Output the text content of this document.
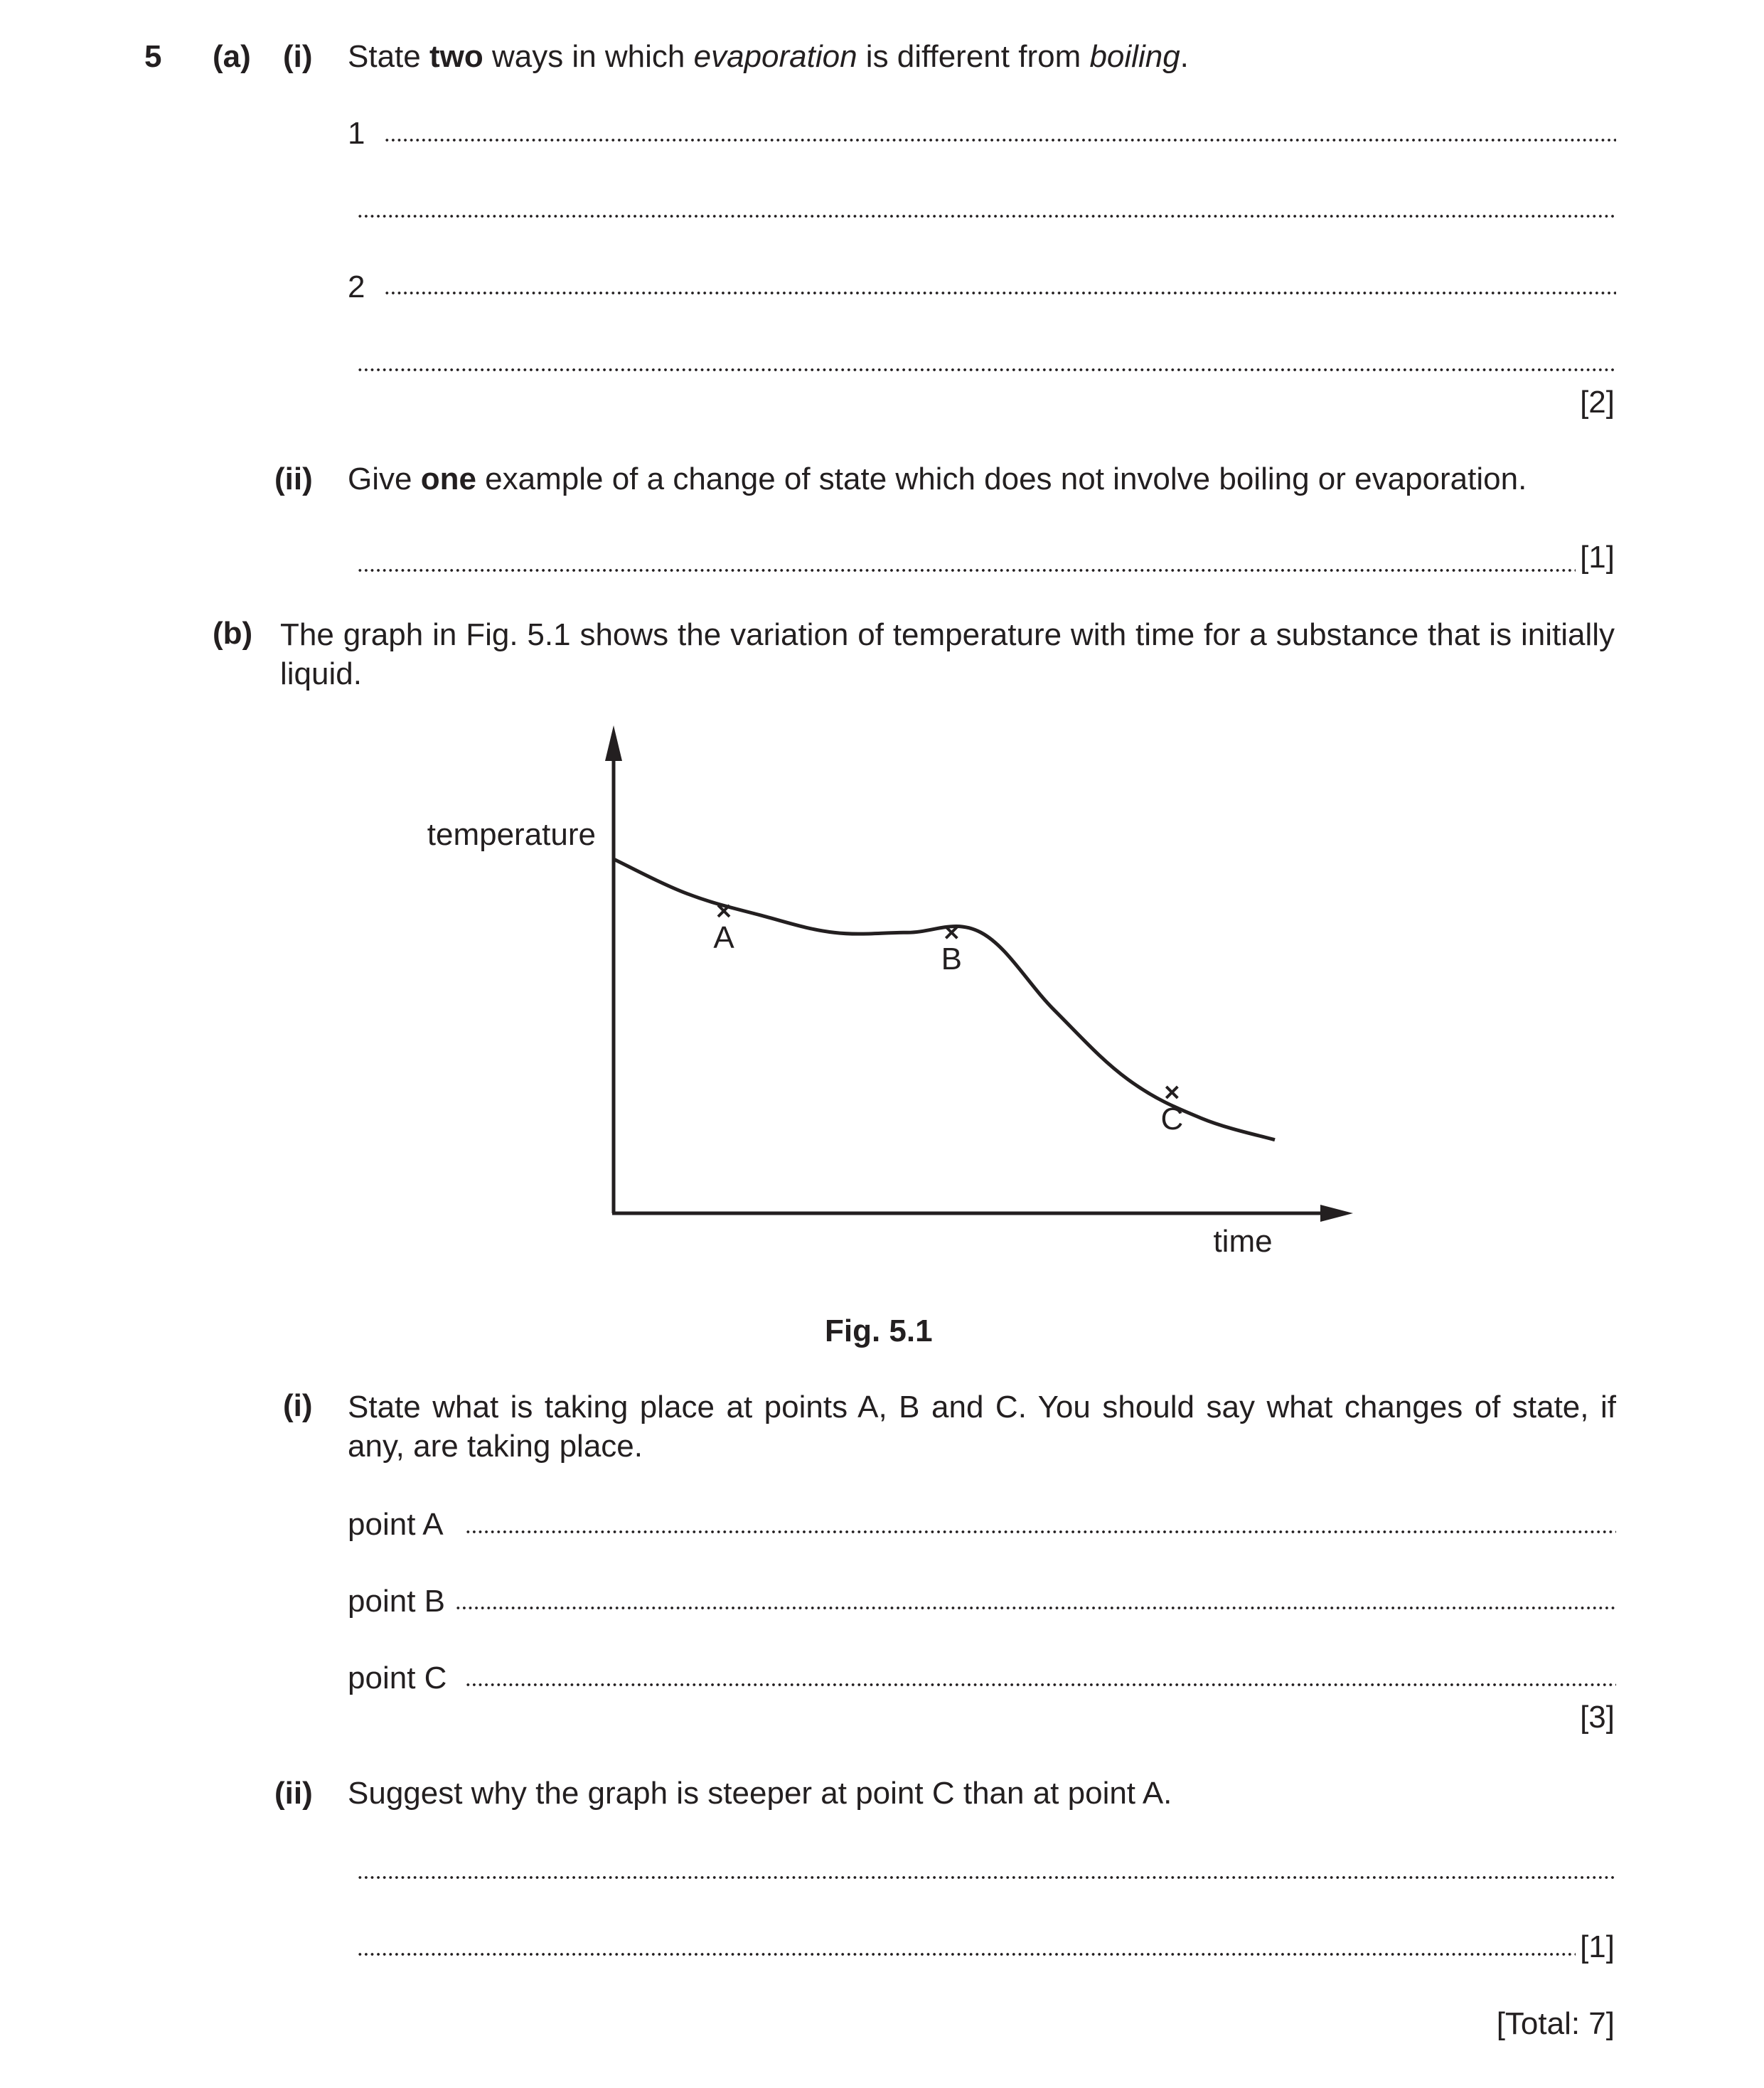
5 (a) (i) State two ways in which evaporation is different from boiling.
1
2
[2]
(ii) Give one example of a change of state which does not involve boiling or evaporation.
[1]
(b) The graph in Fig. 5.1 shows the variation of temperature with time for a substance that is initially liquid.
A
B
C
temperature
time
Fig. 5.1
(i) State what is taking place at points A, B and C. You should say what changes of state, if any, are taking place.
point A
point B
point C
[3]
(ii) Suggest why the graph is steeper at point C than at point A.
[1]
[Total: 7]
